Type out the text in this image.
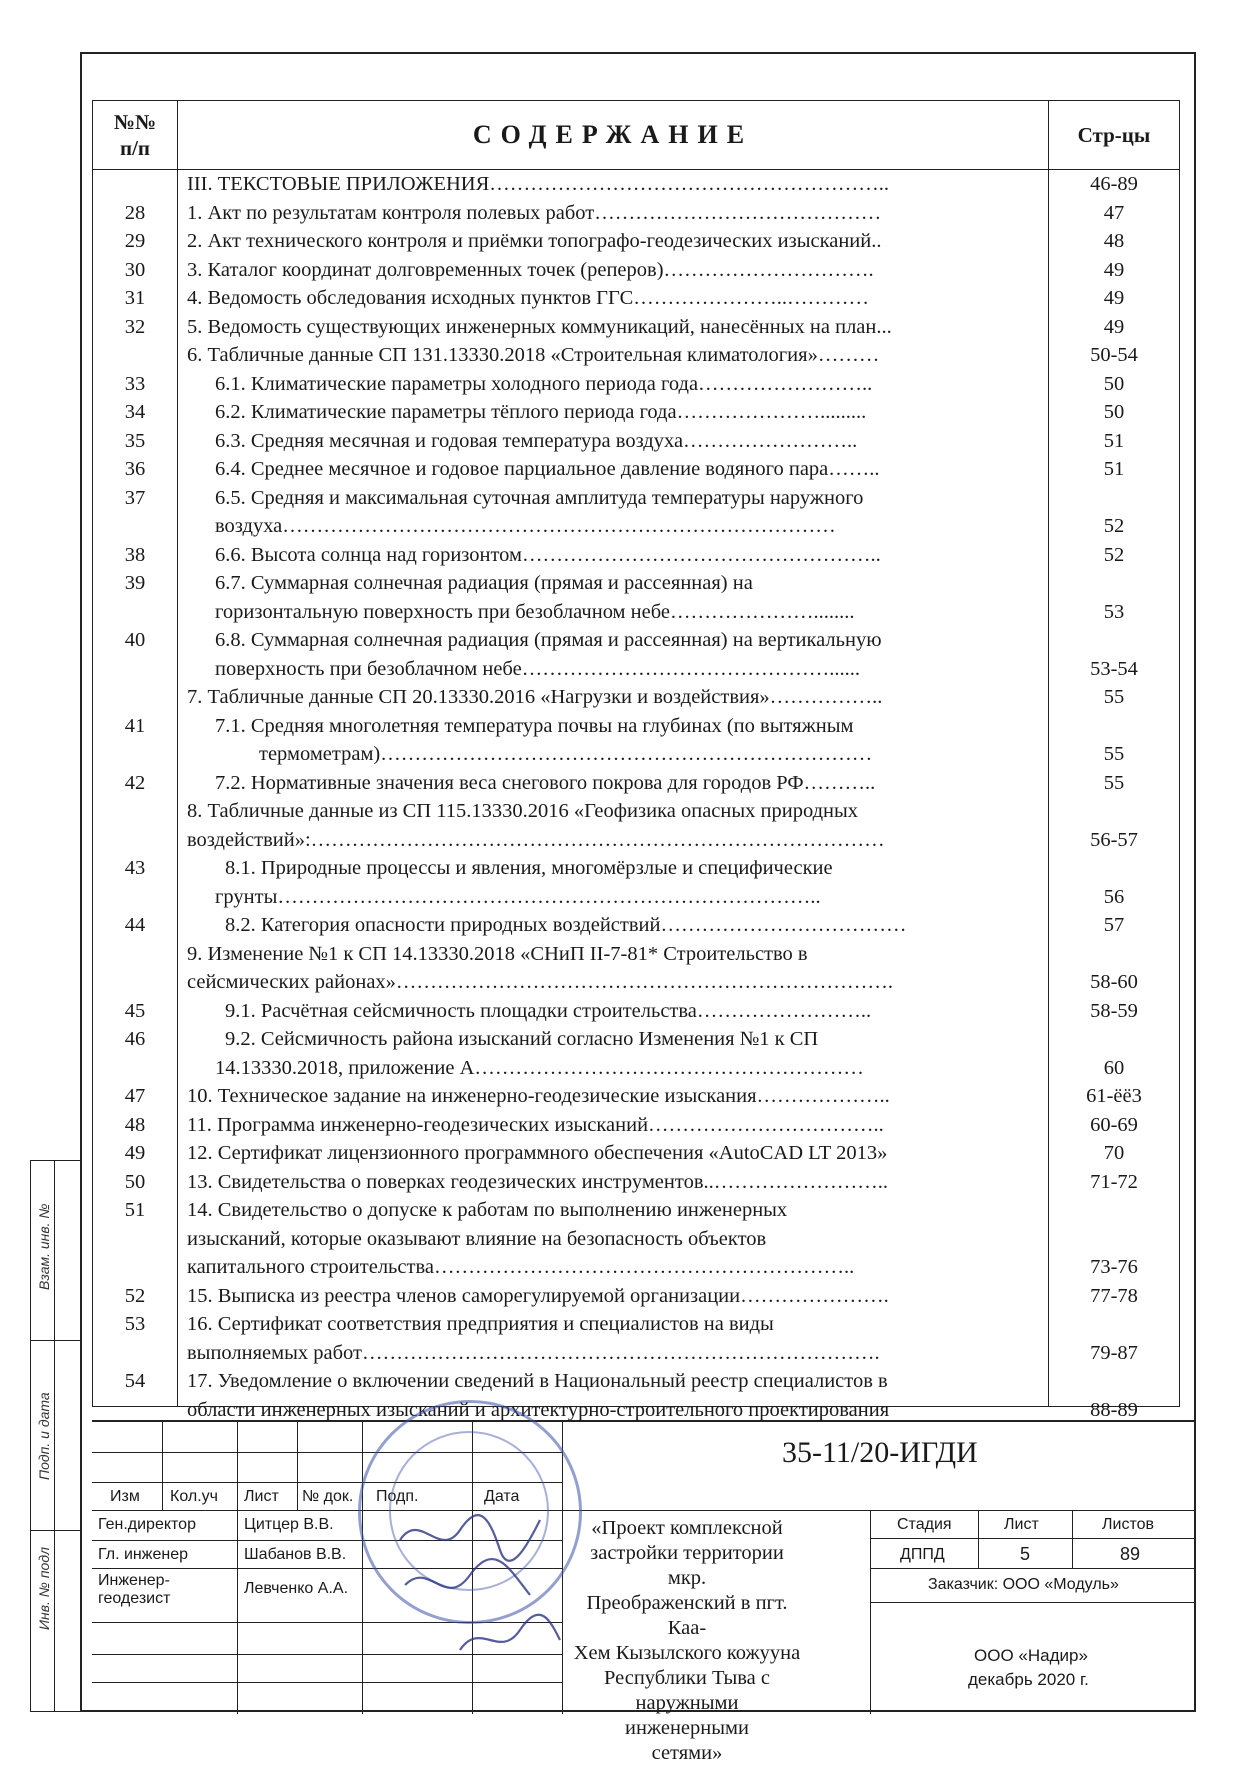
№№
п/п	СОДЕРЖАНИЕ	Стр-цы
III. ТЕКСТОВЫЕ ПРИЛОЖЕНИЯ…………………………………………………..	46-89
28	1. Акт по результатам контроля полевых работ……………………………………	47
29	2. Акт технического контроля и приёмки топографо-геодезических изысканий..	48
30	3. Каталог координат долговременных точек (реперов)………………………….	49
31	4. Ведомость обследования исходных пунктов ГГС…………………..…………	49
32	5. Ведомость существующих инженерных коммуникаций, нанесённых на план...	49
6. Табличные данные СП 131.13330.2018 «Строительная климатология»………	50-54
33	6.1. Климатические параметры холодного периода года……………………..	50
34	6.2. Климатические параметры тёплого периода года………………….........	50
35	6.3. Средняя месячная и годовая температура воздуха……………………..	51
36	6.4. Среднее месячное и годовое парциальное давление водяного пара……..	51
37	6.5. Средняя и максимальная суточная амплитуда температуры наружного
воздуха………………………………………………………………………	52
38	6.6. Высота солнца над горизонтом……………………………………………..	52
39	6.7. Суммарная солнечная радиация (прямая и рассеянная) на
горизонтальную поверхность при безоблачном небе…………………........	53
40	6.8. Суммарная солнечная радиация (прямая и рассеянная) на вертикальную
поверхность при безоблачном небе………………………………………......	53-54
7. Табличные данные СП 20.13330.2016 «Нагрузки и воздействия»……………..	55
41	7.1. Средняя многолетняя температура почвы на глубинах (по вытяжным
термометрам)………………………………………………………………	55
42	7.2. Нормативные значения веса снегового покрова для городов РФ………..	55
8. Табличные данные из СП 115.13330.2016 «Геофизика опасных природных
воздействий»:…………………………………………………………………………	56-57
43	8.1. Природные процессы и явления, многомёрзлые и специфические
грунты……………………………………………………………………..	56
44	8.2. Категория опасности природных воздействий………………………………	57
9. Изменение №1 к СП 14.13330.2018 «СНиП II-7-81* Строительство в
сейсмических районах»……………………………………………………………….	58-60
45	9.1. Расчётная сейсмичность площадки строительства……………………..	58-59
46	9.2. Сейсмичность района изысканий согласно Изменения №1 к СП
14.13330.2018, приложение А…………………………………………………	60
47	10. Техническое задание на инженерно-геодезические изыскания………………..	61-ёё3
48	11. Программа инженерно-геодезических изысканий……………………………..	60-69
49	12. Сертификат лицензионного программного обеспечения «AutoCAD LT 2013»	70
50	13. Свидетельства о поверках геодезических инструментов..……………………..	71-72
51	14. Свидетельство о допуске к работам по выполнению инженерных
изысканий, которые оказывают влияние на безопасность объектов
капитального строительства……………………………………………………..	73-76
52	15. Выписка из реестра членов саморегулируемой организации………………….	77-78
53	16. Сертификат соответствия предприятия и специалистов на виды
выполняемых работ………………………………………………………………….	79-87
54	17. Уведомление о включении сведений в Национальный реестр специалистов в
области инженерных изысканий и архитектурно-строительного проектирования	88-89
Взам. инв. №
Подп. и дата
Инв. № подл
35-11/20-ИГДИ
Изм Кол.уч Лист № док. Подп.	Дата
Ген.директор	Цитцер В.В.
Гл. инженер	Шабанов В.В.
Инженер-
геодезист
Левченко А.А.
«Проект комплексной
застройки территории мкр.
Преображенский в пгт. Каа-
Хем Кызылского кожууна
Республики Тыва с
наружными инженерными
сетями»
Стадия	Лист	Листов
ДППД	5	89
Заказчик: ООО «Модуль»
ООО «Надир»
декабрь 2020 г.
